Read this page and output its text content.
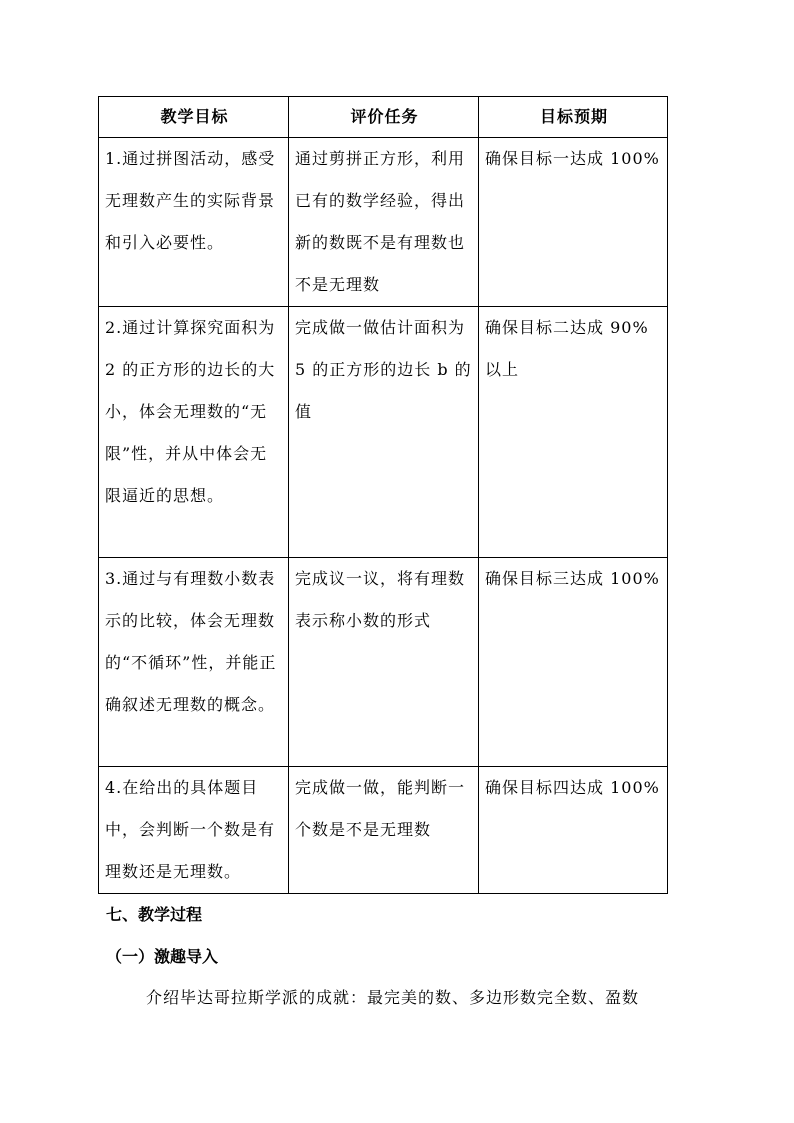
教学目标	评价任务	目标预期

1.通过拼图活动，感受无理数产生的实际背景和引入必要性。	通过剪拼正方形，利用已有的数学经验，得出新的数既不是有理数也不是无理数	确保目标一达成 100%

2.通过计算探究面积为 2 的正方形的边长的大小，体会无理数的“无限”性，并从中体会无限逼近的思想。	完成做一做估计面积为 5 的正方形的边长 b 的值	确保目标二达成 90%以上

3.通过与有理数小数表示的比较，体会无理数的“不循环”性，并能正确叙述无理数的概念。	完成议一议，将有理数表示称小数的形式	确保目标三达成 100%

4.在给出的具体题目中，会判断一个数是有理数还是无理数。	完成做一做，能判断一个数是不是无理数	确保目标四达成 100%
七、教学过程
（一）激趣导入
介绍毕达哥拉斯学派的成就：最完美的数、多边形数完全数、盈数
